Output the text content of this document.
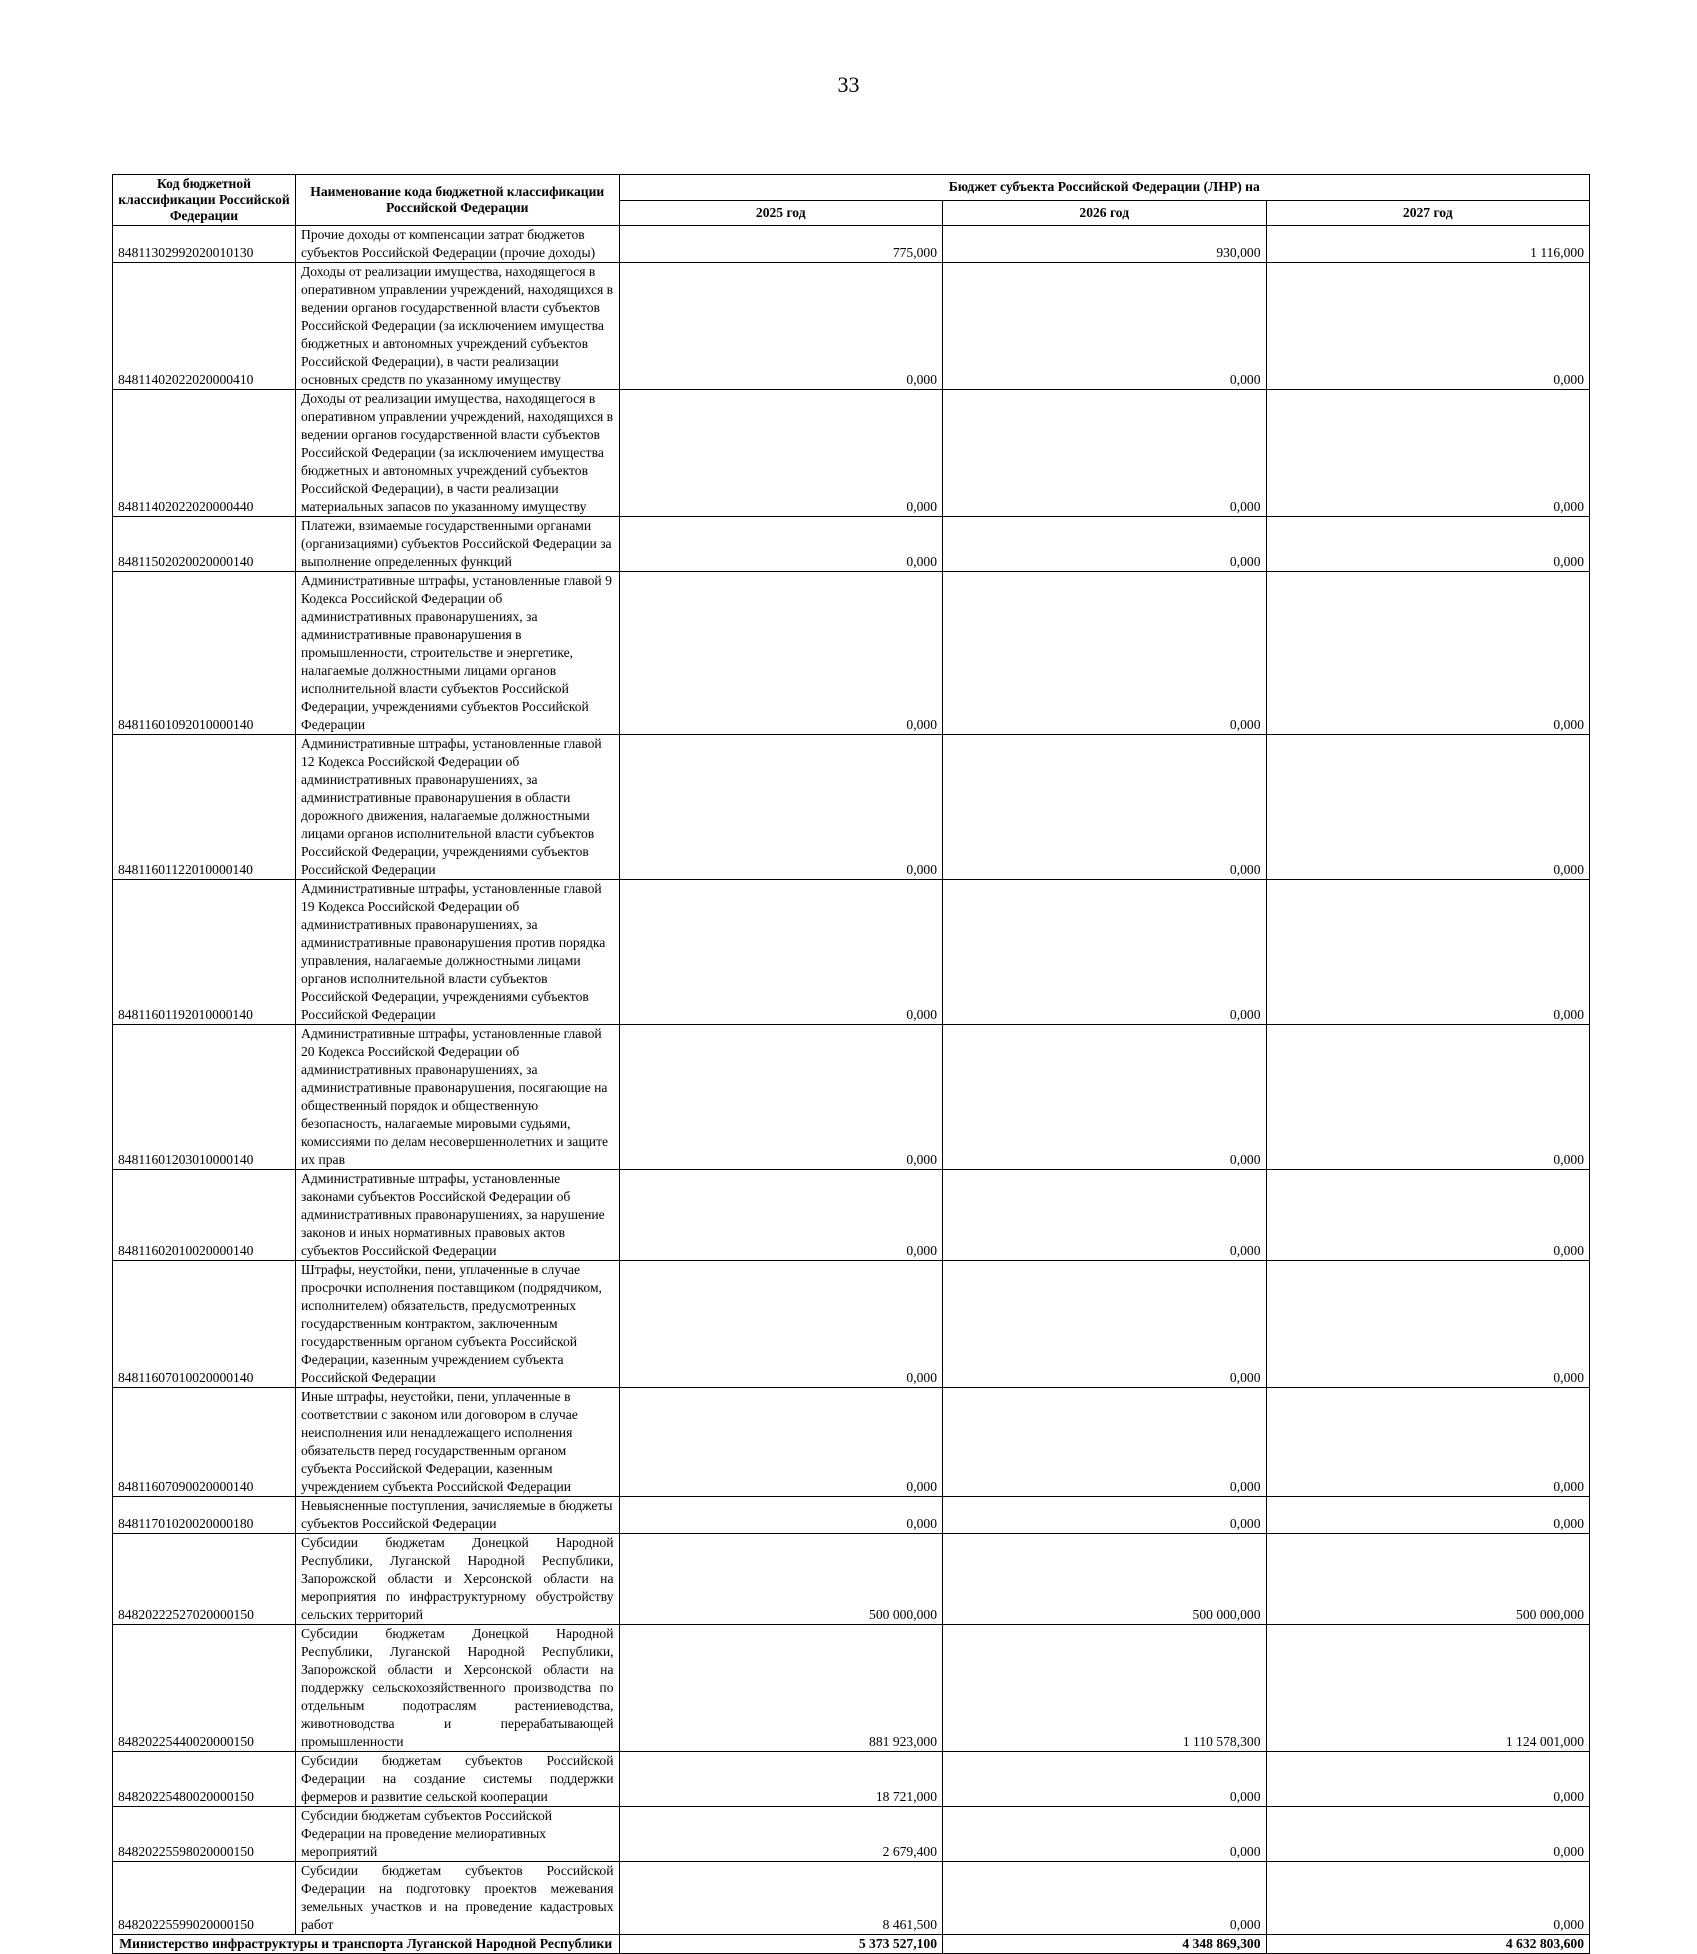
33
Код бюджетной классификации Российской Федерации	Наименование кода бюджетной классификации Российской Федерации	Бюджет субъекта Российской Федерации (ЛНР) на		
		2025 год	2026 год	2027 год
84811302992020010130	Прочие доходы от компенсации затрат бюджетов субъектов Российской Федерации (прочие доходы)	775,000	930,000	1 116,000
84811402022020000410	Доходы от реализации имущества, находящегося в оперативном управлении учреждений, находящихся в ведении органов государственной власти субъектов Российской Федерации (за исключением имущества бюджетных и автономных учреждений субъектов Российской Федерации), в части реализации основных средств по указанному имуществу	0,000	0,000	0,000
84811402022020000440	Доходы от реализации имущества, находящегося в оперативном управлении учреждений, находящихся в ведении органов государственной власти субъектов Российской Федерации (за исключением имущества бюджетных и автономных учреждений субъектов Российской Федерации), в части реализации материальных запасов по указанному имуществу	0,000	0,000	0,000
84811502020020000140	Платежи, взимаемые государственными органами (организациями) субъектов Российской Федерации за выполнение определенных функций	0,000	0,000	0,000
84811601092010000140	Административные штрафы, установленные главой 9 Кодекса Российской Федерации об административных правонарушениях, за административные правонарушения в промышленности, строительстве и энергетике, налагаемые должностными лицами органов исполнительной власти субъектов Российской Федерации, учреждениями субъектов Российской Федерации	0,000	0,000	0,000
84811601122010000140	Административные штрафы, установленные главой 12 Кодекса Российской Федерации об административных правонарушениях, за административные правонарушения в области дорожного движения, налагаемые должностными лицами органов исполнительной власти субъектов Российской Федерации, учреждениями субъектов Российской Федерации	0,000	0,000	0,000
84811601192010000140	Административные штрафы, установленные главой 19 Кодекса Российской Федерации об административных правонарушениях, за административные правонарушения против порядка управления, налагаемые должностными лицами органов исполнительной власти субъектов Российской Федерации, учреждениями субъектов Российской Федерации	0,000	0,000	0,000
84811601203010000140	Административные штрафы, установленные главой 20 Кодекса Российской Федерации об административных правонарушениях, за административные правонарушения, посягающие на общественный порядок и общественную безопасность, налагаемые мировыми судьями, комиссиями по делам несовершеннолетних и защите их прав	0,000	0,000	0,000
84811602010020000140	Административные штрафы, установленные законами субъектов Российской Федерации об административных правонарушениях, за нарушение законов и иных нормативных правовых актов субъектов Российской Федерации	0,000	0,000	0,000
84811607010020000140	Штрафы, неустойки, пени, уплаченные в случае просрочки исполнения поставщиком (подрядчиком, исполнителем) обязательств, предусмотренных государственным контрактом, заключенным государственным органом субъекта Российской Федерации, казенным учреждением субъекта Российской Федерации	0,000	0,000	0,000
84811607090020000140	Иные штрафы, неустойки, пени, уплаченные в соответствии с законом или договором в случае неисполнения или ненадлежащего исполнения обязательств перед государственным органом субъекта Российской Федерации, казенным учреждением субъекта Российской Федерации	0,000	0,000	0,000
84811701020020000180	Невыясненные поступления, зачисляемые в бюджеты субъектов Российской Федерации	0,000	0,000	0,000
84820222527020000150	Субсидии бюджетам Донецкой Народной Республики, Луганской Народной Республики, Запорожской области и Херсонской области на мероприятия по инфраструктурному обустройству сельских территорий	500 000,000	500 000,000	500 000,000
84820225440020000150	Субсидии бюджетам Донецкой Народной Республики, Луганской Народной Республики, Запорожской области и Херсонской области на поддержку сельскохозяйственного производства по отдельным подотраслям растениеводства, животноводства и перерабатывающей промышленности	881 923,000	1 110 578,300	1 124 001,000
84820225480020000150	Субсидии бюджетам субъектов Российской Федерации на создание системы поддержки фермеров и развитие сельской кооперации	18 721,000	0,000	0,000
84820225598020000150	Субсидии бюджетам субъектов Российской Федерации на проведение мелиоративных мероприятий	2 679,400	0,000	0,000
84820225599020000150	Субсидии бюджетам субъектов Российской Федерации на подготовку проектов межевания земельных участков и на проведение кадастровых работ	8 461,500	0,000	0,000
Министерство инфраструктуры и транспорта Луганской Народной Республики		5 373 527,100	4 348 869,300	4 632 803,600
